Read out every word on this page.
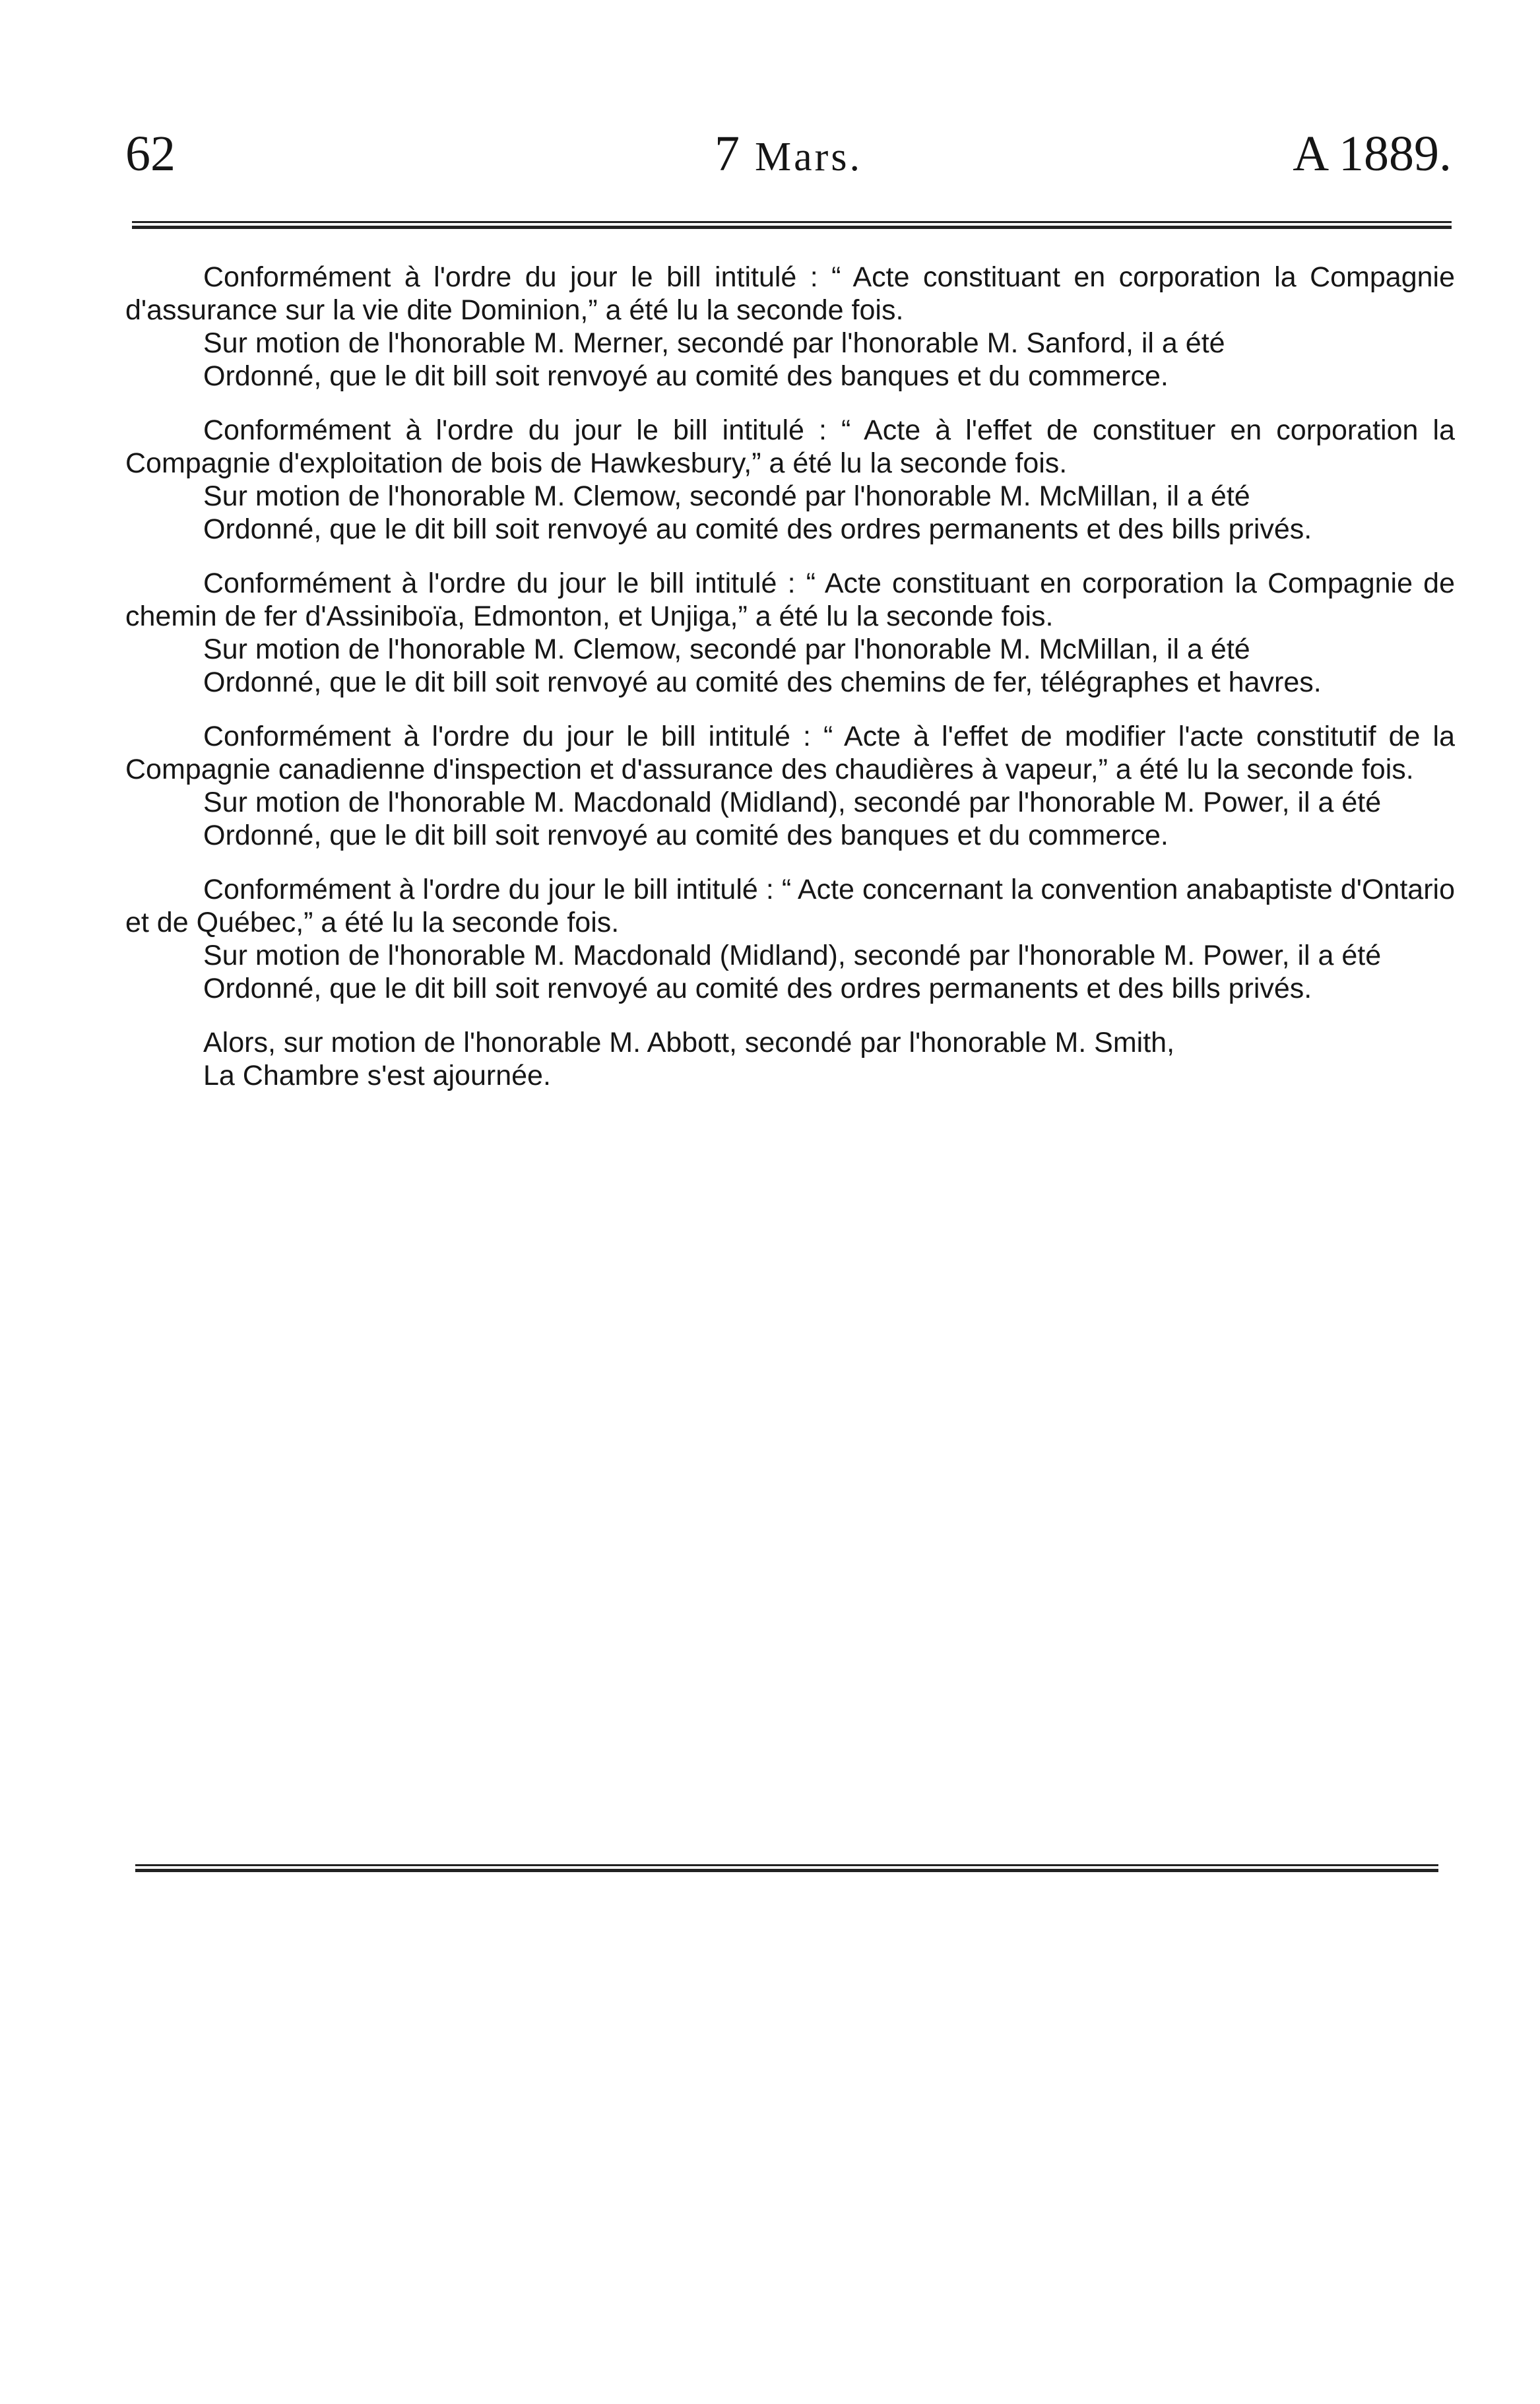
62	7 Mars.	A 1889.

Conformément à l'ordre du jour le bill intitulé : “ Acte constituant en corporation la Compagnie d'assurance sur la vie dite Dominion,” a été lu la seconde fois.

Sur motion de l'honorable M. Merner, secondé par l'honorable M. Sanford, il a été

Ordonné, que le dit bill soit renvoyé au comité des banques et du commerce.

Conformément à l'ordre du jour le bill intitulé : “ Acte à l'effet de constituer en corporation la Compagnie d'exploitation de bois de Hawkesbury,” a été lu la seconde fois.

Sur motion de l'honorable M. Clemow, secondé par l'honorable M. McMillan, il a été

Ordonné, que le dit bill soit renvoyé au comité des ordres permanents et des bills privés.

Conformément à l'ordre du jour le bill intitulé : “ Acte constituant en corporation la Compagnie de chemin de fer d'Assiniboïa, Edmonton, et Unjiga,” a été lu la seconde fois.

Sur motion de l'honorable M. Clemow, secondé par l'honorable M. McMillan, il a été

Ordonné, que le dit bill soit renvoyé au comité des chemins de fer, télégraphes et havres.

Conformément à l'ordre du jour le bill intitulé : “ Acte à l'effet de modifier l'acte constitutif de la Compagnie canadienne d'inspection et d'assurance des chaudières à vapeur,” a été lu la seconde fois.

Sur motion de l'honorable M. Macdonald (Midland), secondé par l'honorable M. Power, il a été

Ordonné, que le dit bill soit renvoyé au comité des banques et du commerce.

Conformément à l'ordre du jour le bill intitulé : “ Acte concernant la convention anabaptiste d'Ontario et de Québec,” a été lu la seconde fois.

Sur motion de l'honorable M. Macdonald (Midland), secondé par l'honorable M. Power, il a été

Ordonné, que le dit bill soit renvoyé au comité des ordres permanents et des bills privés.

Alors, sur motion de l'honorable M. Abbott, secondé par l'honorable M. Smith,
La Chambre s'est ajournée.
